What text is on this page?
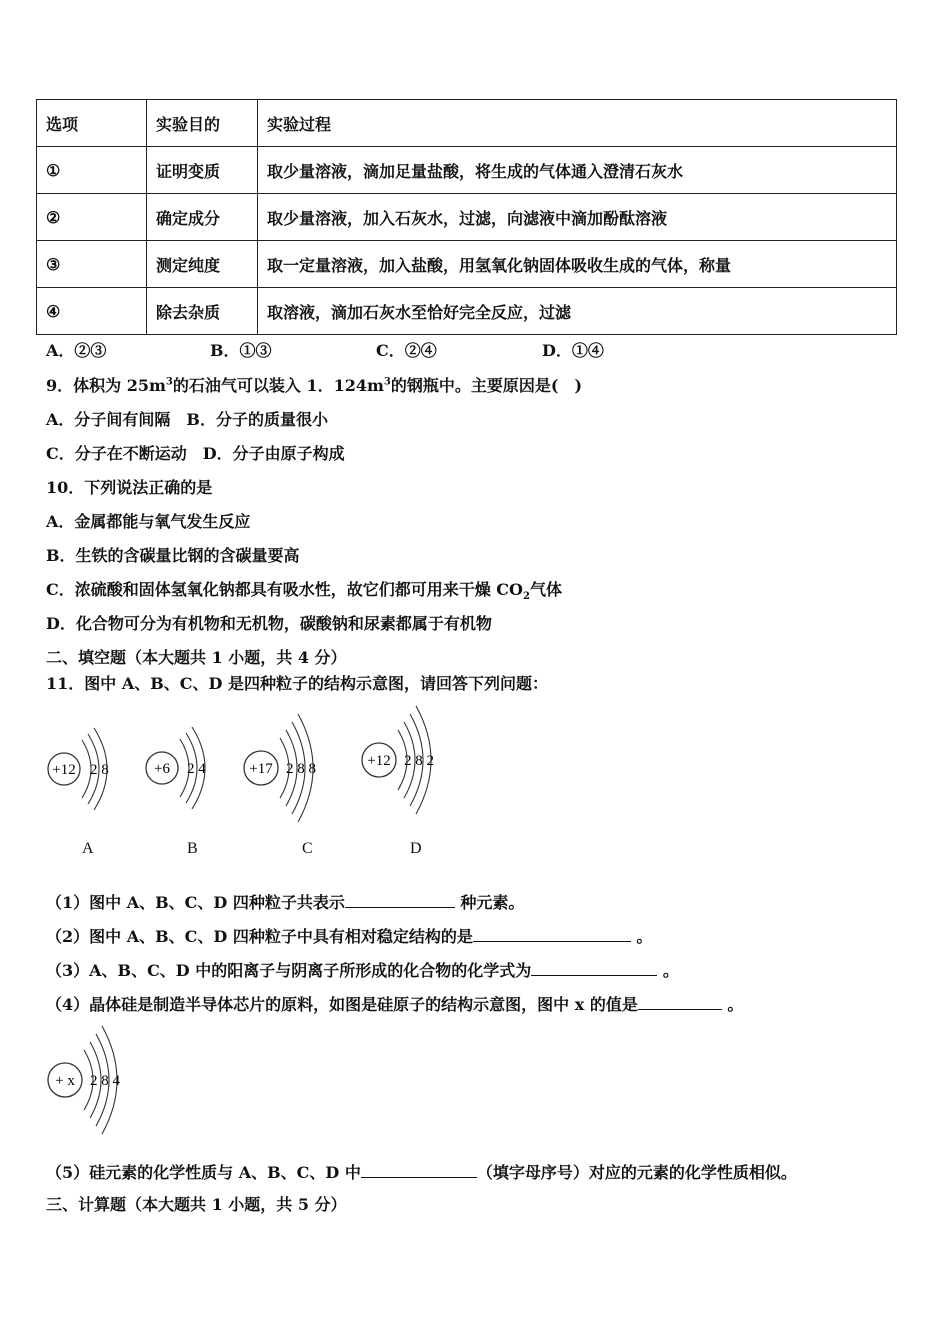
选项	实验目的	实验过程
①	证明变质	取少量溶液，滴加足量盐酸，将生成的气体通入澄清石灰水
②	确定成分	取少量溶液，加入石灰水，过滤，向滤液中滴加酚酞溶液
③	测定纯度	取一定量溶液，加入盐酸，用氢氧化钠固体吸收生成的气体，称量
④	除去杂质	取溶液，滴加石灰水至恰好完全反应，过滤
A．②③	B．①③	C．②④	D．①④
9．体积为 $25m^3$的石油气可以装入 1．$124m^3$的钢瓶中。主要原因是(　)
A．分子间有间隔　B．分子的质量很小
C．分子在不断运动　D．分子由原子构成
10．下列说法正确的是
A．金属都能与氧气发生反应
B．生铁的含碳量比钢的含碳量要高
C．浓硫酸和固体氢氧化钠都具有吸水性，故它们都可用来干燥 $CO_2$气体
D．化合物可分为有机物和无机物，碳酸钠和尿素都属于有机物
二、填空题（本大题共 1 小题，共 4 分）
11．图中 A、B、C、D 是四种粒子的结构示意图，请回答下列问题：
+12 2 8
A
+6 2 4
B
+17 2 8 8
C
+12 2 8 2
D
（1）图中 A、B、C、D 四种粒子共表示	种元素。
（2）图中 A、B、C、D 四种粒子中具有相对稳定结构的是	。
（3）A、B、C、D 中的阳离子与阴离子所形成的化合物的化学式为	。
（4）晶体硅是制造半导体芯片的原料，如图是硅原子的结构示意图，图中 x 的值是	。
+ x 2 8 4
（5）硅元素的化学性质与 A、B、C、D 中	（填字母序号）对应的元素的化学性质相似。
三、计算题（本大题共 1 小题，共 5 分）
